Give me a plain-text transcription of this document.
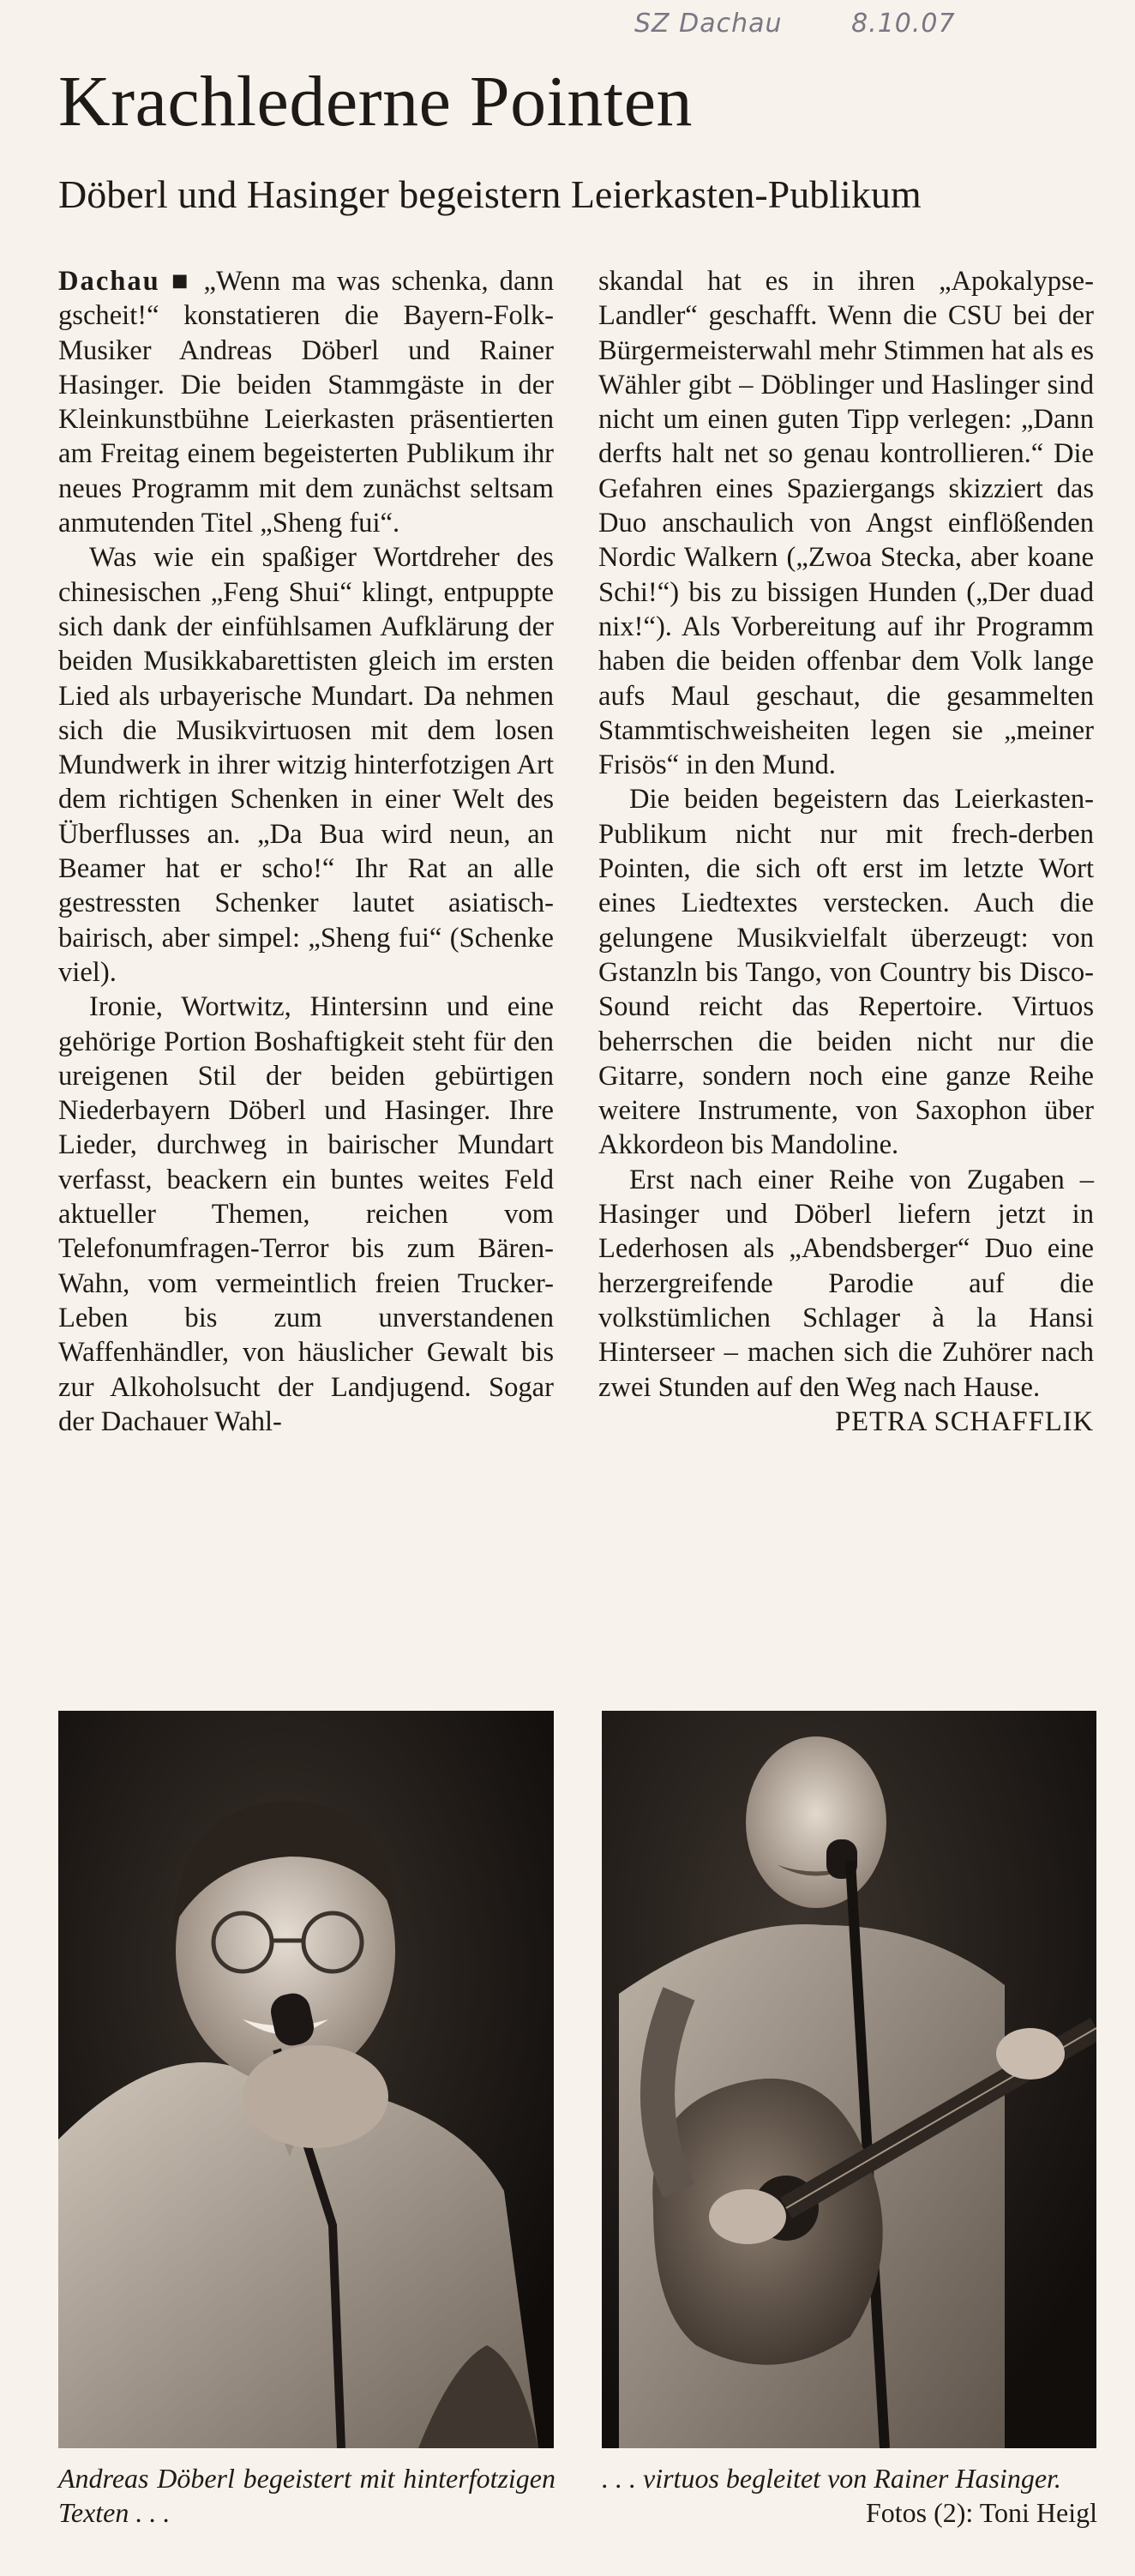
SZ Dachau	8.10.07
Krachlederne Pointen
Döberl und Hasinger begeistern Leierkasten-Publikum

Dachau ■ „Wenn ma was schenka, dann gscheit!“ konstatieren die Bayern-Folk-Musiker Andreas Döberl und Rainer Hasinger. Die beiden Stammgäste in der Kleinkunstbühne Leierkasten präsentierten am Freitag einem begeisterten Publikum ihr neues Programm mit dem zunächst seltsam anmutenden Titel „Sheng fui“.

Was wie ein spaßiger Wortdreher des chinesischen „Feng Shui“ klingt, entpuppte sich dank der einfühlsamen Aufklärung der beiden Musikkabarettisten gleich im ersten Lied als urbayerische Mundart. Da nehmen sich die Musikvirtuosen mit dem losen Mundwerk in ihrer witzig hinterfotzigen Art dem richtigen Schenken in einer Welt des Überflusses an. „Da Bua wird neun, an Beamer hat er scho!“ Ihr Rat an alle gestressten Schenker lautet asiatisch-bairisch, aber simpel: „Sheng fui“ (Schenke viel).

Ironie, Wortwitz, Hintersinn und eine gehörige Portion Boshaftigkeit steht für den ureigenen Stil der beiden gebürtigen Niederbayern Döberl und Hasinger. Ihre Lieder, durchweg in bairischer Mundart verfasst, beackern ein buntes weites Feld aktueller Themen, reichen vom Telefonumfragen-Terror bis zum Bären-Wahn, vom vermeintlich freien Trucker-Leben bis zum unverstandenen Waffenhändler, von häuslicher Gewalt bis zur Alkoholsucht der Landjugend. Sogar der Dachauer Wahl-

skandal hat es in ihren „Apokalypse-Landler“ geschafft. Wenn die CSU bei der Bürgermeisterwahl mehr Stimmen hat als es Wähler gibt – Döblinger und Haslinger sind nicht um einen guten Tipp verlegen: „Dann derfts halt net so genau kontrollieren.“ Die Gefahren eines Spaziergangs skizziert das Duo anschaulich von Angst einflößenden Nordic Walkern („Zwoa Stecka, aber koane Schi!“) bis zu bissigen Hunden („Der duad nix!“). Als Vorbereitung auf ihr Programm haben die beiden offenbar dem Volk lange aufs Maul geschaut, die gesammelten Stammtischweisheiten legen sie „meiner Frisös“ in den Mund.

Die beiden begeistern das Leierkasten-Publikum nicht nur mit frech-derben Pointen, die sich oft erst im letzte Wort eines Liedtextes verstecken. Auch die gelungene Musikvielfalt überzeugt: von Gstanzln bis Tango, von Country bis Disco-Sound reicht das Repertoire. Virtuos beherrschen die beiden nicht nur die Gitarre, sondern noch eine ganze Reihe weitere Instrumente, von Saxophon über Akkordeon bis Mandoline.

Erst nach einer Reihe von Zugaben – Hasinger und Döberl liefern jetzt in Lederhosen als „Abendsberger“ Duo eine herzergreifende Parodie auf die volkstümlichen Schlager à la Hansi Hinterseer – machen sich die Zuhörer nach zwei Stunden auf den Weg nach Hause.
PETRA SCHAFFLIK

Andreas Döberl begeistert mit hinterfotzigen Texten . . .
. . . virtuos begleitet von Rainer Hasinger.
Fotos (2): Toni Heigl
